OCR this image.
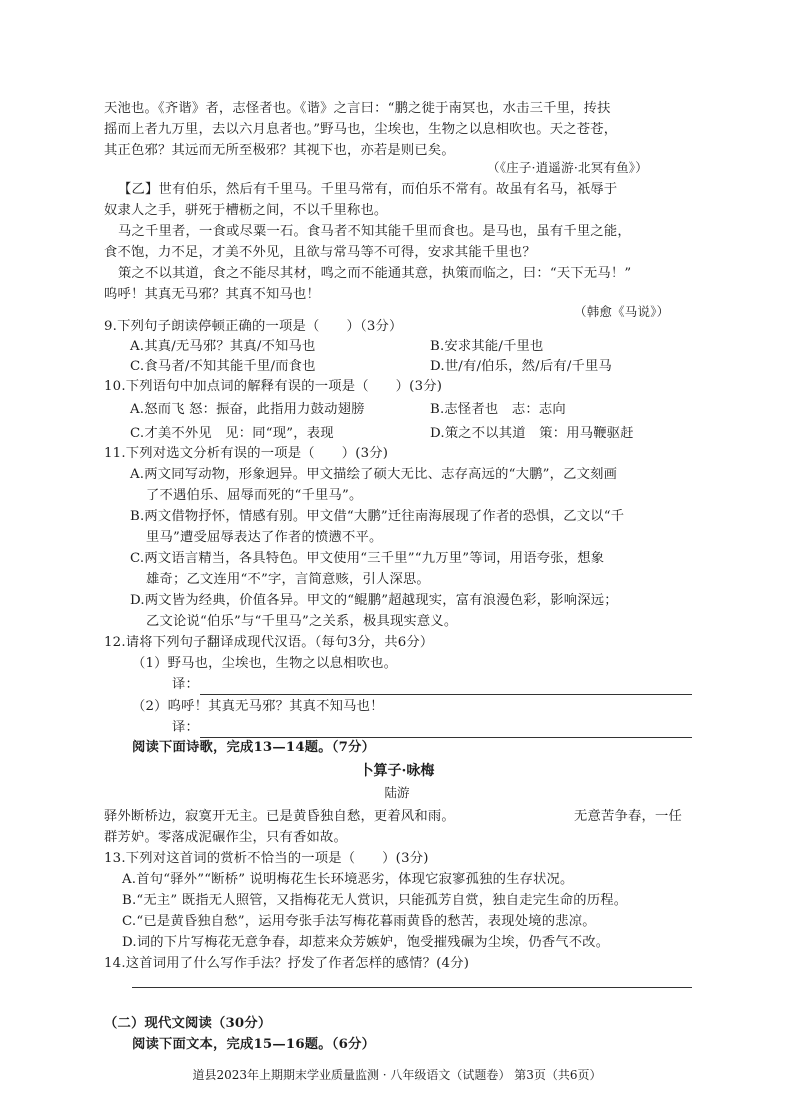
天池也。《齐谐》者，志怪者也。《谐》之言曰：“鹏之徙于南冥也，水击三千里，抟扶
摇而上者九万里，去以六月息者也。”野马也，尘埃也，生物之以息相吹也。天之苍苍，
其正色邪？其远而无所至极邪？其视下也，亦若是则已矣。
（《庄子·逍遥游·北冥有鱼》）
【乙】世有伯乐，然后有千里马。千里马常有，而伯乐不常有。故虽有名马，祇辱于
奴隶人之手，骈死于槽枥之间，不以千里称也。
马之千里者，一食或尽粟一石。食马者不知其能千里而食也。是马也，虽有千里之能，
食不饱，力不足，才美不外见，且欲与常马等不可得，安求其能千里也？
策之不以其道，食之不能尽其材，鸣之而不能通其意，执策而临之，曰：“天下无马！”
呜呼！其真无马邪？其真不知马也！
（韩愈《马说》）
9.下列句子朗读停顿正确的一项是（　　）（3分）
A.其真/无马邪？其真/不知马也	B.安求其能/千里也
C.食马者/不知其能千里/而食也	D.世/有/伯乐，然/后有/千里马
10.下列语句中加点词的解释有误的一项是（　　）(3分)
A.怒而飞 怒：振奋，此指用力鼓动翅膀	B.志怪者也　志：志向
C.才美不外见　见：同“现”，表现	D.策之不以其道　策：用马鞭驱赶
11.下列对选文分析有误的一项是（　　）(3分)
A.两文同写动物，形象迥异。甲文描绘了硕大无比、志存高远的“大鹏”，乙文刻画
了不遇伯乐、屈辱而死的“千里马”。
B.两文借物抒怀，情感有别。甲文借“大鹏”迁往南海展现了作者的恐惧，乙文以“千
里马”遭受屈辱表达了作者的愤懑不平。
C.两文语言精当，各具特色。甲文使用“三千里”“九万里”等词，用语夸张，想象
雄奇；乙文连用“不”字，言简意赅，引人深思。
D.两文皆为经典，价值各异。甲文的“鲲鹏”超越现实，富有浪漫色彩，影响深远；
乙文论说“伯乐”与“千里马”之关系，极具现实意义。
12.请将下列句子翻译成现代汉语。（每句3分，共6分）
（1）野马也，尘埃也，生物之以息相吹也。
译：
（2）呜呼！其真无马邪？其真不知马也！
译：
阅读下面诗歌，完成13—14题。（7分）
卜算子·咏梅
陆游
驿外断桥边，寂寞开无主。已是黄昏独自愁，更着风和雨。	无意苦争春，一任
群芳妒。零落成泥碾作尘，只有香如故。
13.下列对这首词的赏析不恰当的一项是（　　）(3分)
A.首句“驿外”“断桥” 说明梅花生长环境恶劣，体现它寂寥孤独的生存状况。
B.“无主” 既指无人照管，又指梅花无人赏识，只能孤芳自赏，独自走完生命的历程。
C.“已是黄昏独自愁”，运用夸张手法写梅花暮雨黄昏的愁苦，表现处境的悲凉。
D.词的下片写梅花无意争春，却惹来众芳嫉妒，饱受摧残碾为尘埃，仍香气不改。
14.这首词用了什么写作手法？抒发了作者怎样的感情？(4分)
（二）现代文阅读（30分）
阅读下面文本，完成15—16题。（6分）
道县2023年上期期末学业质量监测 · 八年级语文（试题卷） 第3页（共6页）
